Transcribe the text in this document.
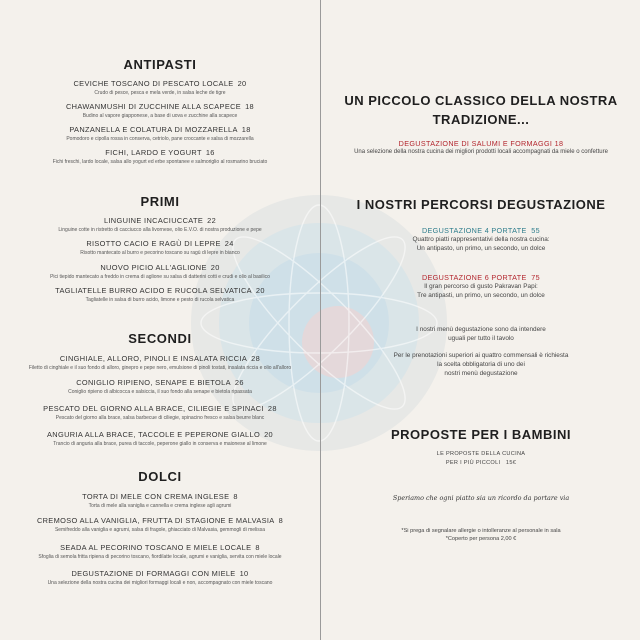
ANTIPASTI
CEVICHE TOSCANO DI PESCATO LOCALE 20
Crudo di pesce, pesca e mela verde, in salsa leche de tigre
CHAWANMUSHI DI ZUCCHINE ALLA SCAPECE 18
Budino al vapore giapponese, a base di uova e zucchine alla scapece
PANZANELLA E COLATURA DI MOZZARELLA 18
Pomodoro e cipolla rossa in conserva, cetriolo, pane croccante e salsa di mozzarella
FICHI, LARDO E YOGURT 16
Fichi freschi, lardo locale, salsa allo yogurt ed erbe spontanee e salmoriglio al rosmarino bruciato
PRIMI
LINGUINE INCACIUCCATE 22
Linguine cotte in ristretto di cacciucco alla livornese, olio E.V.O. di nostra produzione e pepe
RISOTTO CACIO E RAGÙ DI LEPRE 24
Risotto mantecato al burro e pecorino toscano su ragù di lepre in bianco
NUOVO PICIO ALL'AGLIONE 20
Pici tiepido mantecato a freddo in crema di aglione su salsa di datterini cotti e crudi e olio al basilico
TAGLIATELLE BURRO ACIDO E RUCOLA SELVATICA 20
Tagliatelle in salsa di burro acido, limone e pesto di rucola selvatica
SECONDI
CINGHIALE, ALLORO, PINOLI E INSALATA RICCIA 28
Filetto di cinghiale e il suo fondo di alloro, ginepro e pepe nero, emulsione di pinoli tostati, insalata riccia e olio all'alloro
CONIGLIO RIPIENO, SENAPE E BIETOLA 26
Coniglio ripieno di albicocca e salsiccia, il suo fondo alla senape e bietola ripassata
PESCATO DEL GIORNO ALLA BRACE, CILIEGIE E SPINACI 28
Pescato del giorno alla brace, salsa barbecue di ciliegie, spinacino fresco e salsa beurre blanc
ANGURIA ALLA BRACE, TACCOLE E PEPERONE GIALLO 20
Trancio di anguria alla brace, purea di taccole, peperone giallo in conserva e maionese al limone
DOLCI
TORTA DI MELE CON CREMA INGLESE 8
Torta di mele alla vaniglia e cannella e crema inglese agli agrumi
CREMOSO ALLA VANIGLIA, FRUTTA DI STAGIONE E MALVASIA 8
Semifreddo alla vaniglia e agrumi, salsa di fragole, ghiacciato di Malvasia, gemmogli di melissa
SEADA AL PECORINO TOSCANO E MIELE LOCALE 8
Sfoglia di semola fritta ripiena di pecorino toscano, fiordilatte locale, agrumi e vaniglia, servita con miele locale
DEGUSTAZIONE DI FORMAGGI CON MIELE 10
Una selezione della nostra cucina dei migliori formaggi locali e non, accompagnato con miele toscano
UN PICCOLO CLASSICO DELLA NOSTRA
TRADIZIONE...
DEGUSTAZIONE DI SALUMI E FORMAGGI 18
Una selezione della nostra cucina dei migliori prodotti locali accompagnati da miele o confetture
I NOSTRI PERCORSI DEGUSTAZIONE
DEGUSTAZIONE 4 PORTATE 55
Quattro piatti rappresentativi della nostra cucina:
Un antipasto, un primo, un secondo, un dolce
DEGUSTAZIONE 6 PORTATE 75
Il gran percorso di gusto Pakravan Papi:
Tre antipasti, un primo, un secondo, un dolce
I nostri menù degustazione sono da intendere
uguali per tutto il tavolo
Per le prenotazioni superiori ai quattro commensali è richiesta
la scelta obbligatoria di uno dei
nostri menù degustazione
PROPOSTE PER I BAMBINI
LE PROPOSTE DELLA CUCINA
PER I PIÙ PICCOLI 15€
Speriamo che ogni piatto sia un ricordo da portare via
*Si prega di segnalare allergie o intolleranze al personale in sala
*Coperto per persona 2,00 €
